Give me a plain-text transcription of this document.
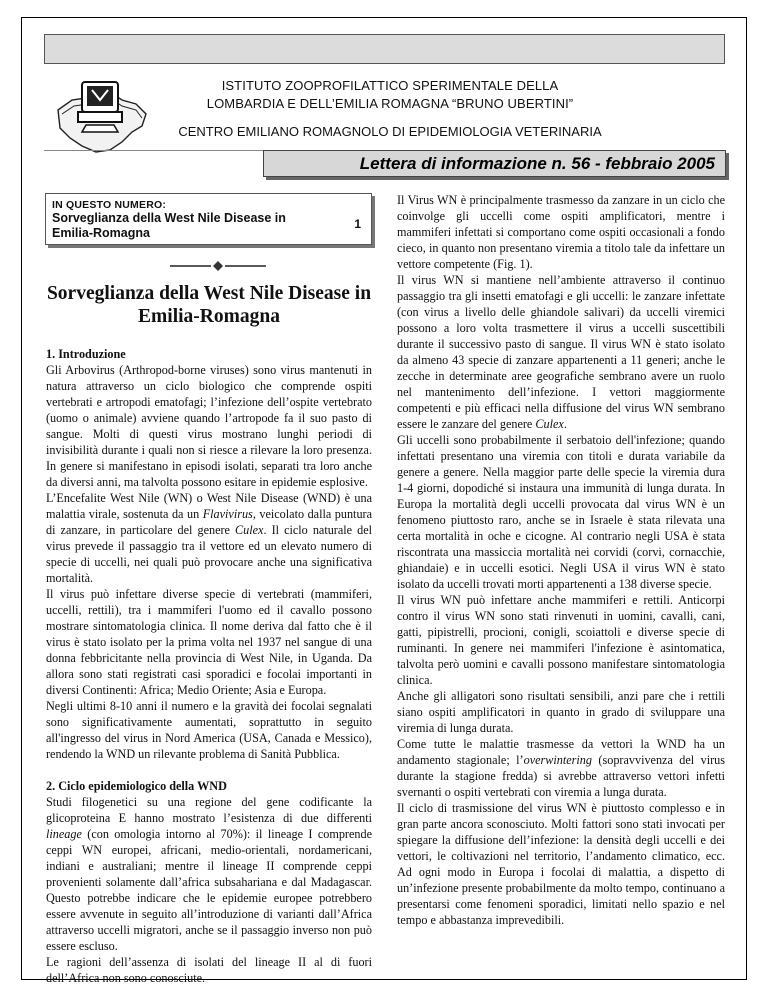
ISTITUTO ZOOPROFILATTICO SPERIMENTALE DELLA
LOMBARDIA E DELL’EMILIA ROMAGNA “BRUNO UBERTINI”
CENTRO EMILIANO ROMAGNOLO DI EPIDEMIOLOGIA VETERINARIA
Lettera di informazione n. 56 - febbraio 2005
IN QUESTO NUMERO:
Sorveglianza della West Nile Disease in Emilia-Romagna
1
Sorveglianza della West Nile Disease in Emilia-Romagna

1. Introduzione

Gli Arbovirus (Arthropod-borne viruses) sono virus mantenuti in natura attraverso un ciclo biologico che comprende ospiti vertebrati e artropodi ematofagi; l’infezione dell’ospite vertebrato (uomo o animale) avviene quando l’artropode fa il suo pasto di sangue. Molti di questi virus mostrano lunghi periodi di invisibilità durante i quali non si riesce a rilevare la loro presenza. In genere si manifestano in episodi isolati, separati tra loro anche da diversi anni, ma talvolta possono esitare in epidemie esplosive.

L’Encefalite West Nile (WN) o West Nile Disease (WND) è una malattia virale, sostenuta da un Flavivirus, veicolato dalla puntura di zanzare, in particolare del genere Culex. Il ciclo naturale del virus prevede il passaggio tra il vettore ed un elevato numero di specie di uccelli, nei quali può provocare anche una significativa mortalità.

Il virus può infettare diverse specie di vertebrati (mammiferi, uccelli, rettili), tra i mammiferi l'uomo ed il cavallo possono mostrare sintomatologia clinica. Il nome deriva dal fatto che è il virus è stato isolato per la prima volta nel 1937 nel sangue di una donna febbricitante nella provincia di West Nile, in Uganda. Da allora sono stati registrati casi sporadici e focolai importanti in diversi Continenti: Africa; Medio Oriente; Asia e Europa.

Negli ultimi 8-10 anni il numero e la gravità dei focolai segnalati sono significativamente aumentati, soprattutto in seguito all'ingresso del virus in Nord America (USA, Canada e Messico), rendendo la WND un rilevante problema di Sanità Pubblica.

2. Ciclo epidemiologico della WND

Studi filogenetici su una regione del gene codificante la glicoproteina E hanno mostrato l’esistenza di due differenti lineage (con omologia intorno al 70%): il lineage I comprende ceppi WN europei, africani, medio-orientali, nordamericani, indiani e australiani; mentre il lineage II comprende ceppi provenienti solamente dall’africa subsahariana e dal Madagascar. Questo potrebbe indicare che le epidemie europee potrebbero essere avvenute in seguito all’introduzione di varianti dall’Africa attraverso uccelli migratori, anche se il passaggio inverso non può essere escluso.

Le ragioni dell’assenza di isolati del lineage II al di fuori dell’Africa non sono conosciute.

Il Virus WN è principalmente trasmesso da zanzare in un ciclo che coinvolge gli uccelli come ospiti amplificatori, mentre i mammiferi infettati si comportano come ospiti occasionali a fondo cieco, in quanto non presentano viremia a titolo tale da infettare un vettore competente (Fig. 1).

Il virus WN si mantiene nell’ambiente attraverso il continuo passaggio tra gli insetti ematofagi e gli uccelli: le zanzare infettate (con virus a livello delle ghiandole salivari) da uccelli viremici possono a loro volta trasmettere il virus a uccelli suscettibili durante il successivo pasto di sangue. Il virus WN è stato isolato da almeno 43 specie di zanzare appartenenti a 11 generi; anche le zecche in determinate aree geografiche sembrano avere un ruolo nel mantenimento dell’infezione. I vettori maggiormente competenti e più efficaci nella diffusione del virus WN sembrano essere le zanzare del genere Culex.

Gli uccelli sono probabilmente il serbatoio dell'infezione; quando infettati presentano una viremia con titoli e durata variabile da genere a genere. Nella maggior parte delle specie la viremia dura 1-4 giorni, dopodiché si instaura una immunità di lunga durata. In Europa la mortalità degli uccelli provocata dal virus WN è un fenomeno piuttosto raro, anche se in Israele è stata rilevata una certa mortalità in oche e cicogne. Al contrario negli USA è stata riscontrata una massiccia mortalità nei corvidi (corvi, cornacchie, ghiandaie) e in uccelli esotici. Negli USA il virus WN è stato isolato da uccelli trovati morti appartenenti a 138 diverse specie.

Il virus WN può infettare anche mammiferi e rettili. Anticorpi contro il virus WN sono stati rinvenuti in uomini, cavalli, cani, gatti, pipistrelli, procioni, conigli, scoiattoli e diverse specie di ruminanti. In genere nei mammiferi l'infezione è asintomatica, talvolta però uomini e cavalli possono manifestare sintomatologia clinica.

Anche gli alligatori sono risultati sensibili, anzi pare che i rettili siano ospiti amplificatori in quanto in grado di sviluppare una viremia di lunga durata.

Come tutte le malattie trasmesse da vettori la WND ha un andamento stagionale; l’overwintering (sopravvivenza del virus durante la stagione fredda) si avrebbe attraverso vettori infetti svernanti o ospiti vertebrati con viremia a lunga durata.

Il ciclo di trasmissione del virus WN è piuttosto complesso e in gran parte ancora sconosciuto. Molti fattori sono stati invocati per spiegare la diffusione dell’infezione: la densità degli uccelli e dei vettori, le coltivazioni nel territorio, l’andamento climatico, ecc. Ad ogni modo in Europa i focolai di malattia, a dispetto di un’infezione presente probabilmente da molto tempo, continuano a presentarsi come fenomeni sporadici, limitati nello spazio e nel tempo e abbastanza imprevedibili.
